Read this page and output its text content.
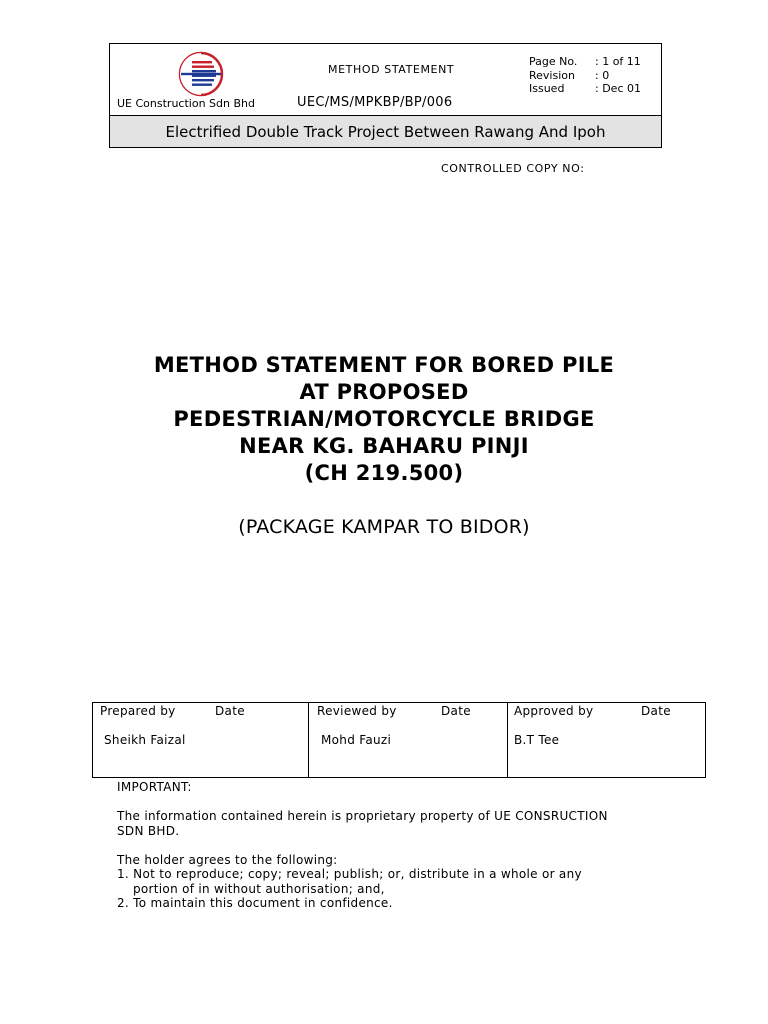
UE Construction Sdn Bhd
METHOD STATEMENT
UEC/MS/MPKBP/BP/006
Page No.	: 1 of 11
Revision	: 0
Issued	: Dec 01
Electrified Double Track Project Between Rawang And Ipoh
CONTROLLED COPY NO:
METHOD STATEMENT FOR BORED PILE
AT PROPOSED
PEDESTRIAN/MOTORCYCLE BRIDGE
NEAR KG. BAHARU PINJI
(CH 219.500)
(PACKAGE KAMPAR TO BIDOR)
Prepared by	Date
Sheikh Faizal
Reviewed by	Date
Mohd Fauzi
Approved by	Date
B.T Tee

IMPORTANT:

The information contained herein is proprietary property of UE CONSRUCTION

SDN BHD.

The holder agrees to the following:

1. Not to reproduce; copy; reveal; publish; or, distribute in a whole or any

portion of in without authorisation; and,

2. To maintain this document in confidence.
